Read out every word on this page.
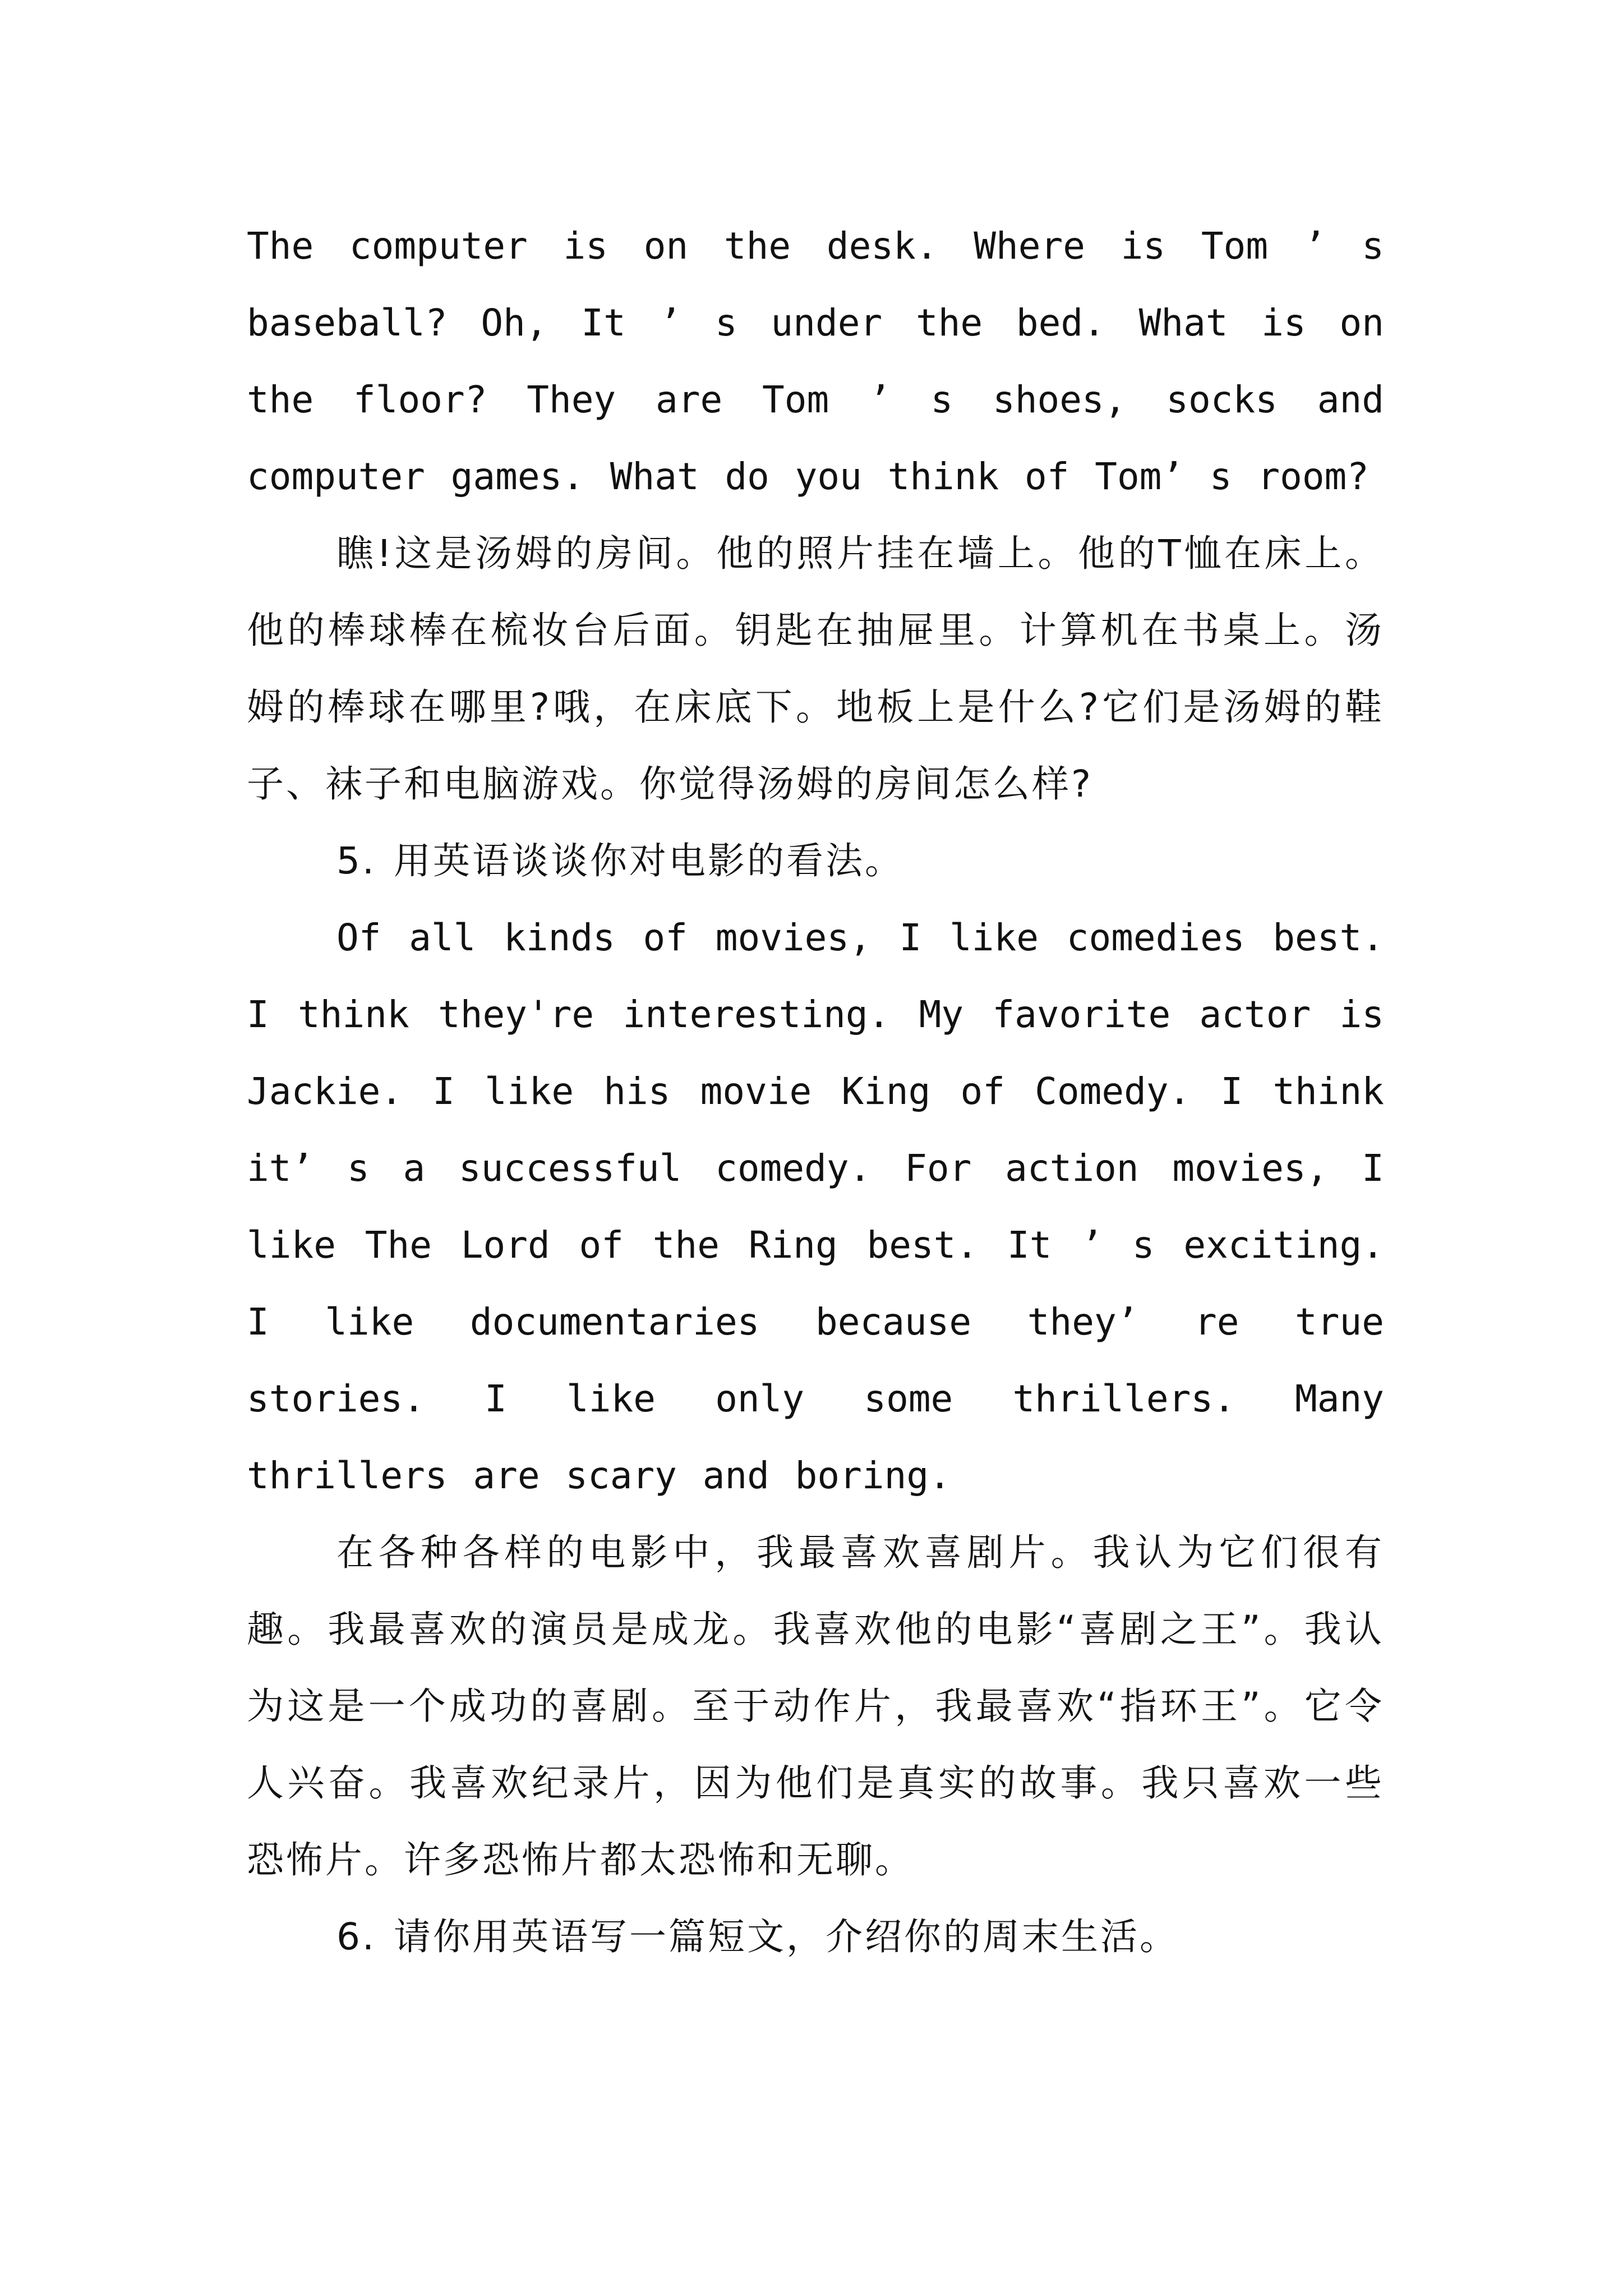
The computer is on the desk. Where is Tom ’ s baseball? Oh, It ’ s under the bed. What is on the floor? They are Tom ’ s shoes, socks and computer games. What do you think of Tom’ s room?

瞧!这是汤姆的房间。他的照片挂在墙上。他的T恤在床上。他的棒球棒在梳妆台后面。钥匙在抽屉里。计算机在书桌上。汤姆的棒球在哪里?哦，在床底下。地板上是什么?它们是汤姆的鞋子、袜子和电脑游戏。你觉得汤姆的房间怎么样?

5. 用英语谈谈你对电影的看法。

Of all kinds of movies, I like comedies best. I think they're interesting. My favorite actor is Jackie. I like his movie King of Comedy. I think it’ s a successful comedy. For action movies, I like The Lord of the Ring best. It ’ s exciting. I like documentaries because they’ re true stories. I like only some thrillers. Many thrillers are scary and boring.

在各种各样的电影中，我最喜欢喜剧片。我认为它们很有趣。我最喜欢的演员是成龙。我喜欢他的电影“喜剧之王”。我认为这是一个成功的喜剧。至于动作片，我最喜欢“指环王”。它令人兴奋。我喜欢纪录片，因为他们是真实的故事。我只喜欢一些恐怖片。许多恐怖片都太恐怖和无聊。

6. 请你用英语写一篇短文，介绍你的周末生活。
